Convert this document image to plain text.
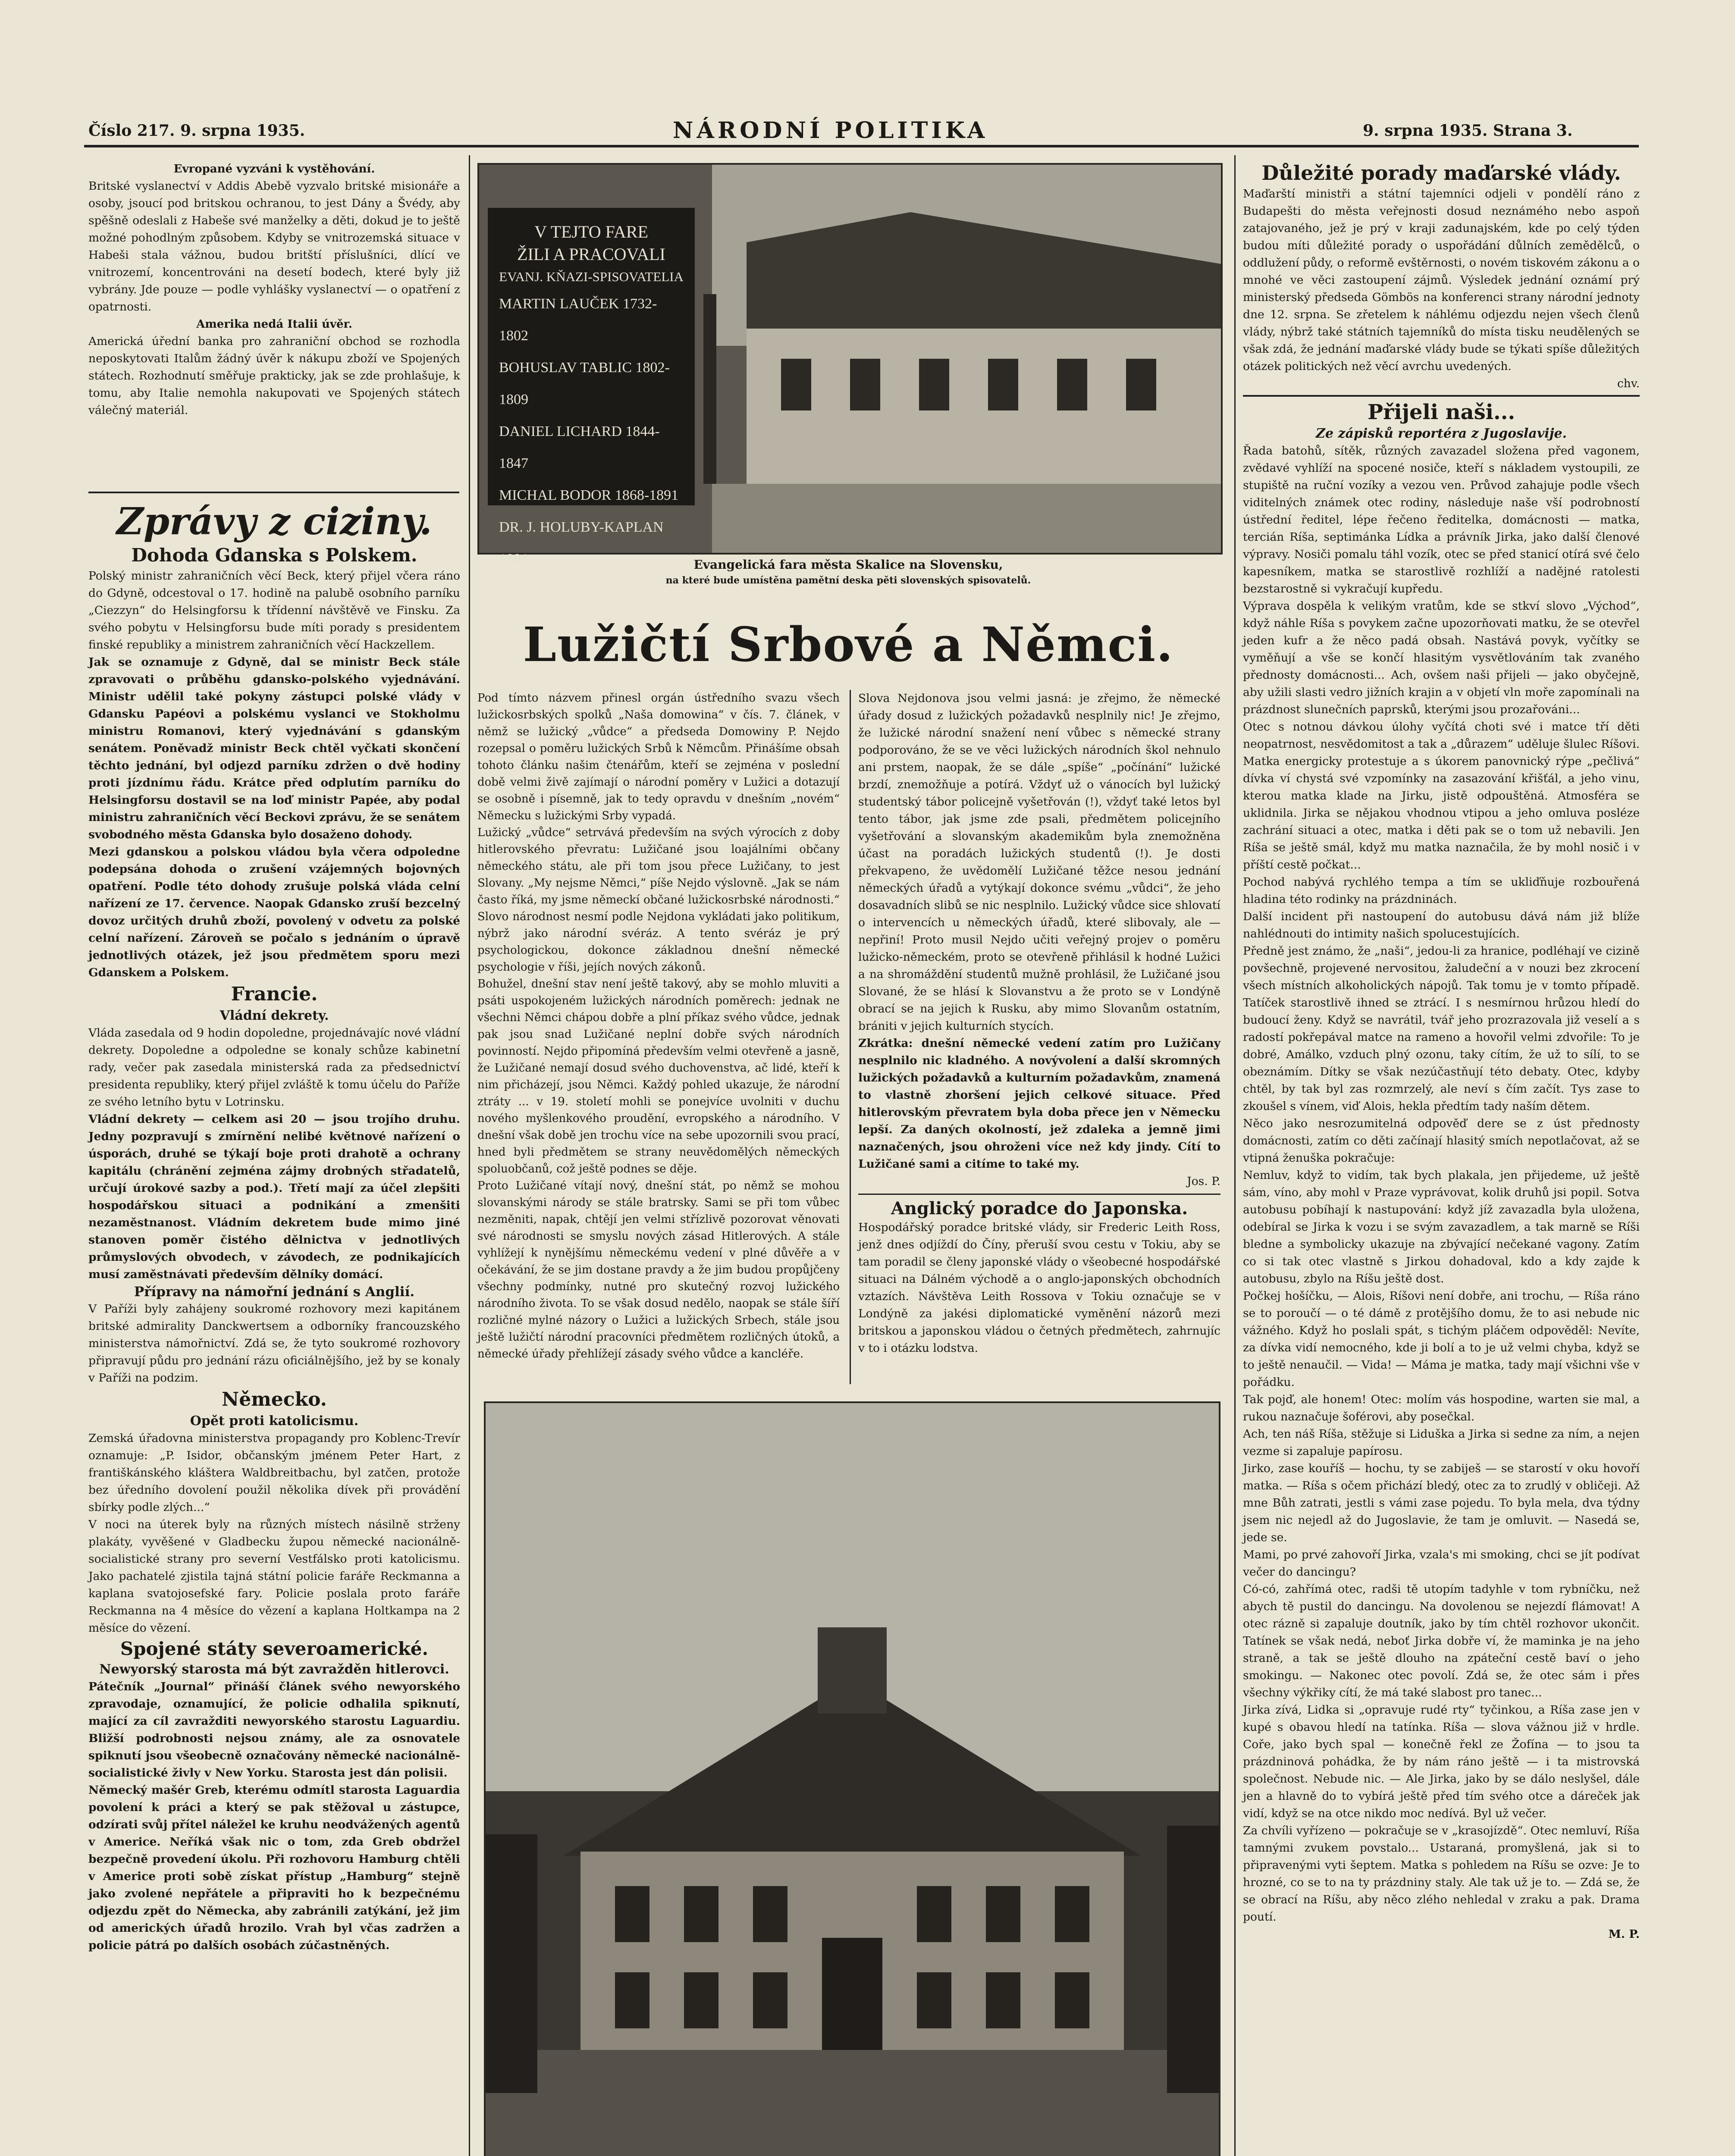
Číslo 217. 9. srpna 1935.	NÁRODNÍ POLITIKA	9. srpna 1935. Strana 3.

Evropané vyzváni k vystěhování.

Britské vyslanectví v Addis Abebě vyzvalo britské misionáře a osoby, jsoucí pod britskou ochranou, to jest Dány a Švédy, aby spěšně odeslali z Habeše své manželky a děti, dokud je to ještě možné pohodlným způsobem. Kdyby se vnitrozemská situace v Habeši stala vážnou, budou britští příslušníci, dlící ve vnitrozemí, koncentrováni na desetí bodech, které byly již vybrány. Jde pouze — podle vyhlášky vyslanectví — o opatření z opatrnosti.

Amerika nedá Italii úvěr.

Americká úřední banka pro zahraniční obchod se rozhodla neposkytovati Italům žádný úvěr k nákupu zboží ve Spojených státech. Rozhodnutí směřuje prakticky, jak se zde prohlašuje, k tomu, aby Italie nemohla nakupovati ve Spojených státech válečný materiál.

Zprávy z ciziny.

Dohoda Gdanska s Polskem.

Polský ministr zahraničních věcí Beck, který přijel včera ráno do Gdyně, odcestoval o 17. hodině na palubě osobního parníku „Ciezzyn“ do Helsingforsu k třídenní návštěvě ve Finsku. Za svého pobytu v Helsingforsu bude míti porady s presidentem finské republiky a ministrem zahraničních věcí Hackzellem.

Jak se oznamuje z Gdyně, dal se ministr Beck stále zpravovati o průběhu gdansko-polského vyjednávání. Ministr udělil také pokyny zástupci polské vlády v Gdansku Papéovi a polskému vyslanci ve Stokholmu ministru Romanovi, který vyjednávání s gdanským senátem. Poněvadž ministr Beck chtěl vyčkati skončení těchto jednání, byl odjezd parníku zdržen o dvě hodiny proti jízdnímu řádu. Krátce před odplutím parníku do Helsingforsu dostavil se na loď ministr Papée, aby podal ministru zahraničních věcí Beckovi zprávu, že se senátem svobodného města Gdanska bylo dosaženo dohody.

Mezi gdanskou a polskou vládou byla včera odpoledne podepsána dohoda o zrušení vzájemných bojovných opatření. Podle této dohody zrušuje polská vláda celní nařízení ze 17. července. Naopak Gdansko zruší bezcelný dovoz určitých druhů zboží, povolený v odvetu za polské celní nařízení. Zároveň se počalo s jednáním o úpravě jednotlivých otázek, jež jsou předmětem sporu mezi Gdanskem a Polskem.

Francie.

Vládní dekrety.

Vláda zasedala od 9 hodin dopoledne, projednávajíc nové vládní dekrety. Dopoledne a odpoledne se konaly schůze kabinetní rady, večer pak zasedala ministerská rada za předsednictví presidenta republiky, který přijel zvláště k tomu účelu do Paříže ze svého letního bytu v Lotrinsku.

Vládní dekrety — celkem asi 20 — jsou trojího druhu. Jedny pozpravují s zmírnění nelibé květnové nařízení o úsporách, druhé se týkají boje proti drahotě a ochrany kapitálu (chránění zejména zájmy drobných střadatelů, určují úrokové sazby a pod.). Třetí mají za účel zlepšiti hospodářskou situaci a podnikání a zmenšiti nezaměstnanost. Vládním dekretem bude mimo jiné stanoven poměr čistého dělnictva v jednotlivých průmyslových obvodech, v závodech, ze podnikajících musí zaměstnávati především dělníky domácí.

Přípravy na námořní jednání s Anglií.

V Paříži byly zahájeny soukromé rozhovory mezi kapitánem britské admirality Danckwertsem a odborníky francouzského ministerstva námořnictví. Zdá se, že tyto soukromé rozhovory připravují půdu pro jednání rázu oficiálnějšího, jež by se konaly v Paříži na podzim.

Německo.

Opět proti katolicismu.

Zemská úřadovna ministerstva propagandy pro Koblenc-Trevír oznamuje: „P. Isidor, občanským jménem Peter Hart, z františkánského kláštera Waldbreitbachu, byl zatčen, protože bez úředního dovolení použil několika dívek při provádění sbírky podle zlých...“

V noci na úterek byly na různých místech násilně strženy plakáty, vyvěšené v Gladbecku župou německé nacionálně-socialistické strany pro severní Vestfálsko proti katolicismu. Jako pachatelé zjistila tajná státní policie faráře Reckmanna a kaplana svatojosefské fary. Policie poslala proto faráře Reckmanna na 4 měsíce do vězení a kaplana Holtkampa na 2 měsíce do vězení.

Spojené státy severoamerické.

Newyorský starosta má být zavražděn hitlerovci.

Pátečník „Journal“ přináší článek svého newyorského zpravodaje, oznamující, že policie odhalila spiknutí, mající za cíl zavražditi newyorského starostu Laguardiu. Bližší podrobnosti nejsou známy, ale za osnovatele spiknutí jsou všeobecně označovány německé nacionálně-socialistické živly v New Yorku. Starosta jest dán polisii.

Německý mašér Greb, kterému odmítl starosta Laguardia povolení k práci a který se pak stěžoval u zástupce, odzírati svůj přítel náležel ke kruhu neodvážených agentů v Americe. Neříká však nic o tom, zda Greb obdržel bezpečně provedení úkolu. Při rozhovoru Hamburg chtěli v Americe proti sobě získat přístup „Hamburg“ stejně jako zvolené nepřátele a připraviti ho k bezpečnému odjezdu zpět do Německa, aby zabránili zatýkání, jež jim od amerických úřadů hrozilo. Vrah byl včas zadržen a policie pátrá po dalších osobách zúčastněných.

V TEJTO FARE
ŽILI A PRACOVALI
EVANJ. KŇAZI-SPISOVATELIA
MARTIN LAUČEK 1732-1802
BOHUSLAV TABLIC 1802-1809
DANIEL LICHARD 1844-1847
MICHAL BODOR 1868-1891
DR. J. HOLUBY-KAPLAN 1891	Evangelická fara města Skalice na Slovensku,

na které bude umístěna pamětní deska pěti slovenských spisovatelů.

Lužičtí Srbové a Němci.

Pod tímto názvem přinesl orgán ústředního svazu všech lužickosrbských spolků „Naša domowina“ v čís. 7. článek, v němž se lužický „vůdce“ a předseda Domowiny P. Nejdo rozepsal o poměru lužických Srbů k Němcům. Přinášíme obsah tohoto článku našim čtenářům, kteří se zejména v poslední době velmi živě zajímají o národní poměry v Lužici a dotazují se osobně i písemně, jak to tedy opravdu v dnešním „novém“ Německu s lužickými Srby vypadá.

Lužický „vůdce“ setrvává především na svých výrocích z doby hitlerovského převratu: Lužičané jsou loajálními občany německého státu, ale při tom jsou přece Lužičany, to jest Slovany. „My nejsme Němci,“ píše Nejdo výslovně. „Jak se nám často říká, my jsme německí občané lužickosrbské národnosti.“ Slovo národnost nesmí podle Nejdona vykládati jako politikum, nýbrž jako národní svéráz. A tento svéráz je prý psychologickou, dokonce základnou dnešní německé psychologie v říši, jejích nových zákonů.

Bohužel, dnešní stav není ještě takový, aby se mohlo mluviti a psáti uspokojeném lužických národních poměrech: jednak ne všechni Němci chápou dobře a plní příkaz svého vůdce, jednak pak jsou snad Lužičané neplní dobře svých národních povinností. Nejdo připomíná především velmi otevřeně a jasně, že Lužičané nemají dosud svého duchovenstva, ač lidé, kteří k nim přicházejí, jsou Němci. Každý pohled ukazuje, že národní ztráty ... v 19. století mohli se ponejvíce uvolniti v duchu nového myšlenkového proudění, evropského a národního. V dnešní však době jen trochu více na sebe upozornili svou prací, hned byli předmětem se strany neuvědomělých německých spoluobčanů, což ještě podnes se děje.

Proto Lužičané vítají nový, dnešní stát, po němž se mohou slovanskými národy se stále bratrsky. Sami se při tom vůbec nezměniti, napak, chtějí jen velmi střízlivě pozorovat věnovati své národnosti se smyslu nových zásad Hitlerových. A stále vyhlížejí k nynějšímu německému vedení v plné důvěře a v očekávání, že se jim dostane pravdy a že jim budou propůjčeny všechny podmínky, nutné pro skutečný rozvoj lužického národního života. To se však dosud nedělo, naopak se stále šíří rozličné mylné názory o Lužici a lužických Srbech, stále jsou ještě lužičtí národní pracovníci předmětem rozličných útoků, a německé úřady přehlížejí zásady svého vůdce a kancléře.

Slova Nejdonova jsou velmi jasná: je zřejmo, že německé úřady dosud z lužických požadavků nesplnily nic! Je zřejmo, že lužické národní snažení není vůbec s německé strany podporováno, že se ve věci lužických národních škol nehnulo ani prstem, naopak, že se dále „spíše“ „počínání“ lužické brzdí, znemožňuje a potírá. Vždyť už o vánocích byl lužický studentský tábor policejně vyšetřován (!), vždyť také letos byl tento tábor, jak jsme zde psali, předmětem policejního vyšetřování a slovanským akademikům byla znemožněna účast na poradách lužických studentů (!). Je dosti překvapeno, že uvědomělí Lužičané těžce nesou jednání německých úřadů a vytýkají dokonce svému „vůdci“, že jeho dosavadních slibů se nic nesplnilo. Lužický vůdce sice shlovatí o intervencích u německých úřadů, které slibovaly, ale — nepřiní! Proto musil Nejdo učiti veřejný projev o poměru lužicko-německém, proto se otevřeně přihlásil k hodné Lužici a na shromáždění studentů mužně prohlásil, že Lužičané jsou Slované, že se hlásí k Slovanstvu a že proto se v Londýně obrací se na jejich k Rusku, aby mimo Slovanům ostatním, brániti v jejich kulturních stycích.

Zkrátka: dnešní německé vedení zatím pro Lužičany nesplnilo nic kladného. A novývolení a další skromných lužických požadavků a kulturním požadavkům, znamená to vlastně zhoršení jejich celkové situace. Před hitlerovským převratem byla doba přece jen v Německu lepší. Za daných okolností, jež zdaleka a jemně jimi naznačených, jsou ohroženi více než kdy jindy. Cítí to Lužičané sami a citíme to také my.

Jos. P.

Anglický poradce do Japonska.

Hospodářský poradce britské vlády, sir Frederic Leith Ross, jenž dnes odjíždí do Číny, přeruší svou cestu v Tokiu, aby se tam poradil se členy japonské vlády o všeobecné hospodářské situaci na Dálném východě a o anglo-japonských obchodních vztazích. Návštěva Leith Rossova v Tokiu označuje se v Londýně za jakési diplomatické vyměnění názorů mezi britskou a japonskou vládou o četných předmětech, zahrnujíc v to i otázku lodstva.

Důležité porady maďarské vlády.

Maďarští ministři a státní tajemníci odjeli v pondělí ráno z Budapešti do města veřejnosti dosud neznámého nebo aspoň zatajovaného, jež je prý v kraji zadunajském, kde po celý týden budou míti důležité porady o uspořádání důlních zemědělců, o oddlužení půdy, o reformě evštěrnosti, o novém tiskovém zákonu a o mnohé ve věci zastoupení zájmů. Výsledek jednání oznámí prý ministerský předseda Gömbös na konferenci strany národní jednoty dne 12. srpna. Se zřetelem k náhlému odjezdu nejen všech členů vlády, nýbrž také státních tajemníků do místa tisku neudělených se však zdá, že jednání maďarské vlády bude se týkati spíše důležitých otázek politických než věcí avrchu uvedených.

chv.

Přijeli naši...

Ze zápisků reportéra z Jugoslavije.

Řada batohů, sítěk, různých zavazadel složena před vagonem, zvědavé vyhlíží na spocené nosiče, kteří s nákladem vystoupili, ze stupiště na ruční vozíky a vezou ven. Průvod zahajuje podle všech viditelných známek otec rodiny, následuje naše vší podrobností ústřední ředitel, lépe řečeno ředitelka, domácnosti — matka, tercián Ríša, septimánka Lídka a právník Jirka, jako další členové výpravy. Nosiči pomalu táhl vozík, otec se před stanicí otírá své čelo kapesníkem, matka se starostlivě rozhlíží a nadějné ratolesti bezstarostně si vykračují kupředu.

Výprava dospěla k velikým vratům, kde se stkví slovo „Východ“, když náhle Ríša s povykem začne upozorňovati matku, že se otevřel jeden kufr a že něco padá obsah. Nastává povyk, vyčítky se vyměňují a vše se končí hlasitým vysvětlováním tak zvaného přednosty domácnosti... Ach, ovšem naši přijeli — jako obyčejně, aby užili slasti vedro jižních krajin a v objetí vln moře zapomínali na prázdnost slunečních paprsků, kterými jsou prozařováni...

Otec s notnou dávkou úlohy vyčítá choti své i matce tří děti neopatrnost, nesvědomitost a tak a „důrazem“ uděluje šlulec Ríšovi. Matka energicky protestuje a s úkorem panovnický rýpe „pečlivá“ dívka ví chystá své vzpomínky na zasazování křišťál, a jeho vinu, kterou matka klade na Jirku, jistě odpouštěná. Atmosféra se uklidnila. Jirka se nějakou vhodnou vtipou a jeho omluva posléze zachrání situaci a otec, matka i děti pak se o tom už nebavili. Jen Ríša se ještě smál, když mu matka naznačila, že by mohl nosič i v příští cestě počkat...

Pochod nabývá rychlého tempa a tím se ukliďňuje rozbouřená hladina této rodinky na prázdninách.

Další incident při nastoupení do autobusu dává nám již blíže nahlédnouti do intimity našich spolucestujících.

Předně jest známo, že „naši“, jedou-li za hranice, podléhají ve cizině povšechně, projevené nervositou, žaludeční a v nouzi bez zkrocení všech místních alkoholických nápojů. Tak tomu je v tomto případě. Tatíček starostlivě ihned se ztrácí. I s nesmírnou hrůzou hledí do budoucí ženy. Když se navrátil, tvář jeho prozrazovala již veselí a s radostí pokřepával matce na rameno a hovořil velmi zdvořile: To je dobré, Amálko, vzduch plný ozonu, taky cítím, že už to sílí, to se obeznámím. Dítky se však nezúčastňují této debaty. Otec, kdyby chtěl, by tak byl zas rozmrzelý, ale neví s čím začít. Tys zase to zkoušel s vínem, viď Alois, hekla předtím tady naším dětem.

Něco jako nesrozumitelná odpověď dere se z úst přednosty domácnosti, zatím co děti začínají hlasitý smích nepotlačovat, až se vtipná ženuška pokračuje:

Nemluv, když to vidím, tak bych plakala, jen přijedeme, už ještě sám, víno, aby mohl v Praze vyprávovat, kolik druhů jsi popil. Sotva autobusu pobíhají k nastupování: když jíž zavazadla byla uložena, odebíral se Jirka k vozu i se svým zavazadlem, a tak marně se Ríši bledne a symbolicky ukazuje na zbývající nečekané vagony. Zatím co si tak otec vlastně s Jirkou dohadoval, kdo a kdy zajde k autobusu, zbylo na Ríšu ještě dost.

Počkej hošíčku, — Alois, Ríšovi není dobře, ani trochu, — Ríša ráno se to poroučí — o té dámě z protějšího domu, že to asi nebude nic vážného. Když ho poslali spát, s tichým pláčem odpověděl: Nevíte, za dívka vidí nemocného, kde ji bolí a to je už velmi chyba, když se to ještě nenaučil. — Vida! — Máma je matka, tady mají všichni vše v pořádku.

Tak pojď, ale honem! Otec: molím vás hospodine, warten sie mal, a rukou naznačuje šoférovi, aby posečkal.

Ach, ten náš Ríša, stěžuje si Liduška a Jirka si sedne za ním, a nejen vezme si zapaluje papírosu.

Jirko, zase kouříš — hochu, ty se zabiješ — se starostí v oku hovoří matka. — Ríša s očem přichází bledý, otec za to zrudlý v obličeji. Až mne Bůh zatrati, jestli s vámi zase pojedu. To byla mela, dva týdny jsem nic nejedl až do Jugoslavie, že tam je omluvit. — Nasedá se, jede se.

Mami, po prvé zahovoří Jirka, vzala's mi smoking, chci se jít podívat večer do dancingu?

Có-có, zahřímá otec, radši tě utopím tadyhle v tom rybníčku, než abych tě pustil do dancingu. Na dovolenou se nejezdí flámovat! A otec rázně si zapaluje doutník, jako by tím chtěl rozhovor ukončit. Tatínek se však nedá, neboť Jirka dobře ví, že maminka je na jeho straně, a tak se ještě dlouho na zpáteční cestě baví o jeho smokingu. — Nakonec otec povolí. Zdá se, že otec sám i přes všechny výkřiky cítí, že má také slabost pro tanec...

Jirka zívá, Lidka si „opravuje rudé rty“ tyčinkou, a Ríša zase jen v kupé s obavou hledí na tatínka. Ríša — slova vážnou již v hrdle. Coře, jako bych spal — konečně řekl ze Žofína — to jsou ta prázdninová pohádka, že by nám ráno ještě — i ta mistrovská společnost. Nebude nic. — Ale Jirka, jako by se dálo neslyšel, dále jen a hlavně do to vybírá ještě před tím svého otce a dáreček jak vidí, když se na otce nikdo moc nedívá. Byl už večer.

Za chvíli vyřízeno — pokračuje se v „krasojízdě“. Otec nemluví, Ríša tamnými zvukem povstalo... Ustaraná, promyšlená, jak si to připravenými vyti šeptem. Matka s pohledem na Ríšu se ozve: Je to hrozné, co se to na ty prázdniny staly. Ale tak už je to. — Zdá se, že se obrací na Ríšu, aby něco zlého nehledal v zraku a pak. Drama poutí.

M. P.
